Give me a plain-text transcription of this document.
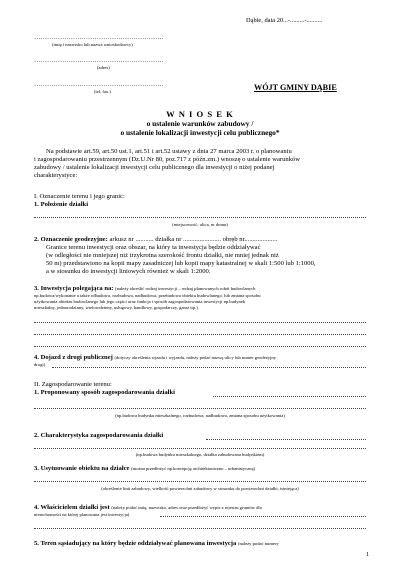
Dąbie, data 20...-.........-..........
……………………………………………………
(imię i nazwisko lub nazwa wnioskodawcy)
……………………………………………………
(adres)
……………………………………………………
(tel, fax.)	WÓJT GMINY DĄBIE
W N I O S E K
o ustalenie warunków zabudowy /
o ustalenie lokalizacji inwestycji celu publicznego*
Na podstawie art.59, art.50 ust.1, art.51 i art.52 ustawy z dnia 27 marca 2003 r. o planowaniu
i zagospodarowaniu przestrzennym (Dz.U.Nr 80, poz.717 z późn.zm.) wnoszę o ustalenie warunków
zabudowy / ustalenie lokalizacji inwestycji celu publicznego dla inwestycji o niżej podanej
charakterystyce:
I. Oznaczenie terenu i jego granic:
1. Położenie działki
(miejscowość, ulica, nr domu)
2. Oznaczenie geodezyjne: arkusz nr ........... działka nr ....................... obręb nr....................
Granice terenu inwestycji oraz obszar, na który ta inwestycja będzie oddziaływać
(w odległości nie mniejszej niż trzykrotna szerokość frontu działki, nie mniej jednak niż
50 m) przedstawiono na kopii mapy zasadniczej lub kopii mapy katastralnej w skali 1:500 lub 1:1000,
a w stosunku do inwestycji liniowych również w skali 1:2000.
3. Inwestycja polegająca na: (należy określić rodzaj inwestycji – rodzaj planowanych robót budowlanych
np.budowa/wykonanie a także odbudowa, rozbudowa, nadbudowa, przebudowa obiektu budowlanego, lub zmiana sposobu
użytkowania obiektu budowlanego lub jego części oraz funkcja i sposób zagospodarowania inwestycji np.budynek
mieszkalny, jednorodzinny, wielorodzinny, usługowy, handlowy, gospodarczy, garaż itp.)
4. Dojazd z drogi publicznej (dotyczy określenia wjazdu i wyjazdu, należy podać nazwę ulicy lub numer geodezyjny
drogi)
II. Zagospodarowanie terenu:
1. Proponowany sposób zagospodarowania działki
(np.budowa budynku mieszkalnego, rozbudowa, nadbudowa, zmiana sposobu użytkowania)
2. Charakterystyka zagospodarowania działki
(np.budowa budynku mieszkalnego, działka zabudowana budynkiem)
3. Usytuowanie obiektu na działce (można przedłożyć np.koncepcję architektoniczno – urbanistyczną)
(określenie linii zabudowy, wielkość powierzchni zabudowy w stosunku do powierzchni działki, istniejąca)
4. Właścicielem działki jest (należy podać imię, nazwisko, adres oraz przedłożyć wypis z rejestru gruntów dla
nieruchomości na której planowana jest inwestycja)
5. Teren sąsiadujący na który będzie oddziaływać planowana inwestycja (należy podać numery
1
